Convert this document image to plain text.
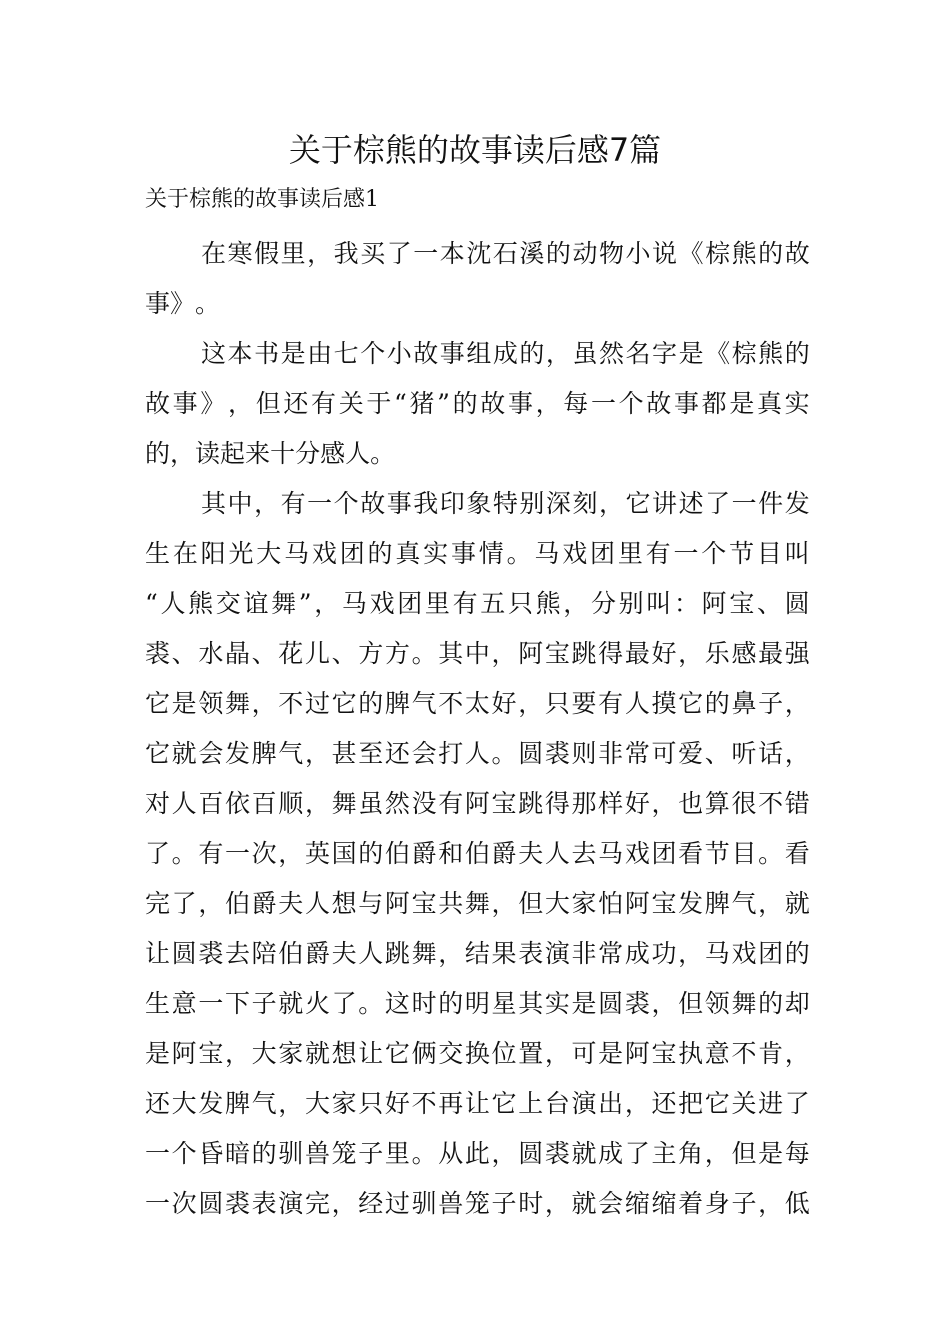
关于棕熊的故事读后感7篇
关于棕熊的故事读后感1
在 寒 假 里 ， 我 买 了 一 本 沈 石 溪 的 动 物 小 说 《 棕 熊 的 故
事 》 。
这 本 书 是 由 七 个 小 故 事 组 成 的 ， 虽 然 名 字 是 《 棕 熊 的
故 事 》 ， 但 还 有 关 于 “ 猪 ” 的 故 事 ， 每 一 个 故 事 都 是 真 实
的 ， 读 起 来 十 分 感 人 。
其 中 ， 有 一 个 故 事 我 印 象 特 别 深 刻 ， 它 讲 述 了 一 件 发
生 在 阳 光 大 马 戏 团 的 真 实 事 情 。 马 戏 团 里 有 一 个 节 目 叫
“ 人 熊 交 谊 舞 ” ， 马 戏 团 里 有 五 只 熊 ， 分 别 叫 ： 阿 宝 、 圆
裘 、 水 晶 、 花 儿 、 方 方 。 其 中 ， 阿 宝 跳 得 最 好 ， 乐 感 最 强
它 是 领 舞 ， 不 过 它 的 脾 气 不 太 好 ， 只 要 有 人 摸 它 的 鼻 子 ，
它 就 会 发 脾 气 ， 甚 至 还 会 打 人 。 圆 裘 则 非 常 可 爱 、 听 话 ，
对 人 百 依 百 顺 ， 舞 虽 然 没 有 阿 宝 跳 得 那 样 好 ， 也 算 很 不 错
了 。 有 一 次 ， 英 国 的 伯 爵 和 伯 爵 夫 人 去 马 戏 团 看 节 目 。 看
完 了 ， 伯 爵 夫 人 想 与 阿 宝 共 舞 ， 但 大 家 怕 阿 宝 发 脾 气 ， 就
让 圆 裘 去 陪 伯 爵 夫 人 跳 舞 ， 结 果 表 演 非 常 成 功 ， 马 戏 团 的
生 意 一 下 子 就 火 了 。 这 时 的 明 星 其 实 是 圆 裘 ， 但 领 舞 的 却
是 阿 宝 ， 大 家 就 想 让 它 俩 交 换 位 置 ， 可 是 阿 宝 执 意 不 肯 ，
还 大 发 脾 气 ， 大 家 只 好 不 再 让 它 上 台 演 出 ， 还 把 它 关 进 了
一 个 昏 暗 的 驯 兽 笼 子 里 。 从 此 ， 圆 裘 就 成 了 主 角 ， 但 是 每
一 次 圆 裘 表 演 完 ， 经 过 驯 兽 笼 子 时 ， 就 会 缩 缩 着 身 子 ， 低
